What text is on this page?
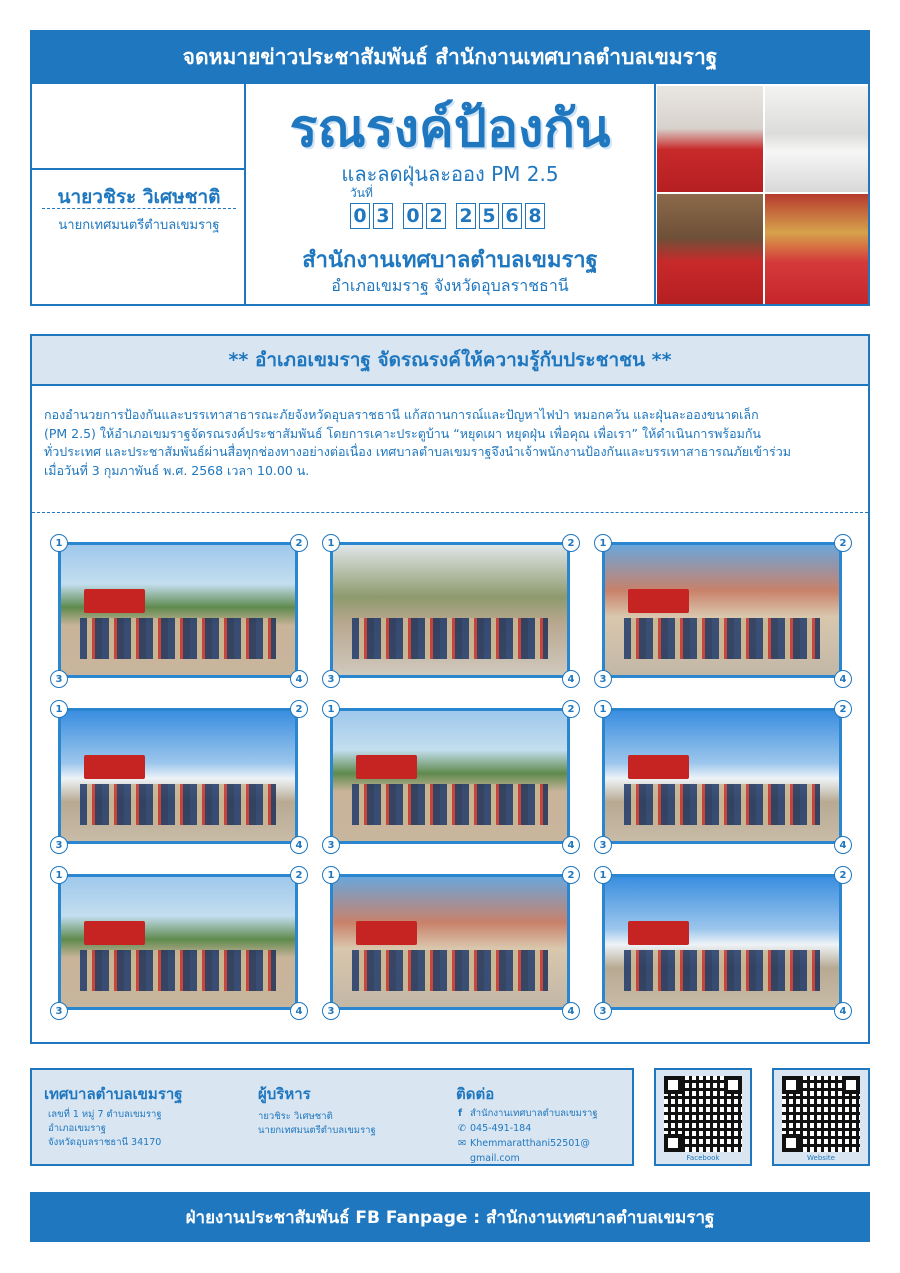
จดหมายข่าวประชาสัมพันธ์ สำนักงานเทศบาลตำบลเขมราฐ
นายวชิระ วิเศษชาติ
นายกเทศมนตรีตำบลเขมราฐ
รณรงค์ป้องกัน
และลดฝุ่นละออง PM 2.5
วันที่
0 3 0 2 2 5 6 8
สำนักงานเทศบาลตำบลเขมราฐ
อำเภอเขมราฐ จังหวัดอุบลราชธานี
** อำเภอเขมราฐ จัดรณรงค์ให้ความรู้กับประชาชน **
กองอำนวยการป้องกันและบรรเทาสาธารณะภัยจังหวัดอุบลราชธานี แก้สถานการณ์และปัญหาไฟป่า หมอกควัน และฝุ่นละอองขนาดเล็ก
(PM 2.5) ให้อำเภอเขมราฐจัดรณรงค์ประชาสัมพันธ์ โดยการเคาะประตูบ้าน “หยุดเผา หยุดฝุ่น เพื่อคุณ เพื่อเรา” ให้ดำเนินการพร้อมกัน
ทั่วประเทศ และประชาสัมพันธ์ผ่านสื่อทุกช่องทางอย่างต่อเนื่อง เทศบาลตำบลเขมราฐจึงนำเจ้าพนักงานป้องกันและบรรเทาสาธารณภัยเข้าร่วม
เมื่อวันที่ 3 กุมภาพันธ์ พ.ศ. 2568 เวลา 10.00 น.
1	2
3	4
1	2
3	4
1	2
3	4
1	2
3	4
1	2
3	4
1	2
3	4
1	2
3	4
1	2
3	4
1	2
3	4
เทศบาลตำบลเขมราฐ
เลขที่ 1 หมู่ 7 ตำบลเขมราฐ
อำเภอเขมราฐ
จังหวัดอุบลราชธานี 34170
ผู้บริหาร
ายวชิระ วิเศษชาติ
นายกเทศมนตรีตำบลเขมราฐ
ติดต่อ
f สำนักงานเทศบาลตำบลเขมราฐ
✆ 045-491-184
✉ Khemmaratthani52501@
gmail.com	Facebook	Website
ฝ่ายงานประชาสัมพันธ์ FB Fanpage : สำนักงานเทศบาลตำบลเขมราฐ
